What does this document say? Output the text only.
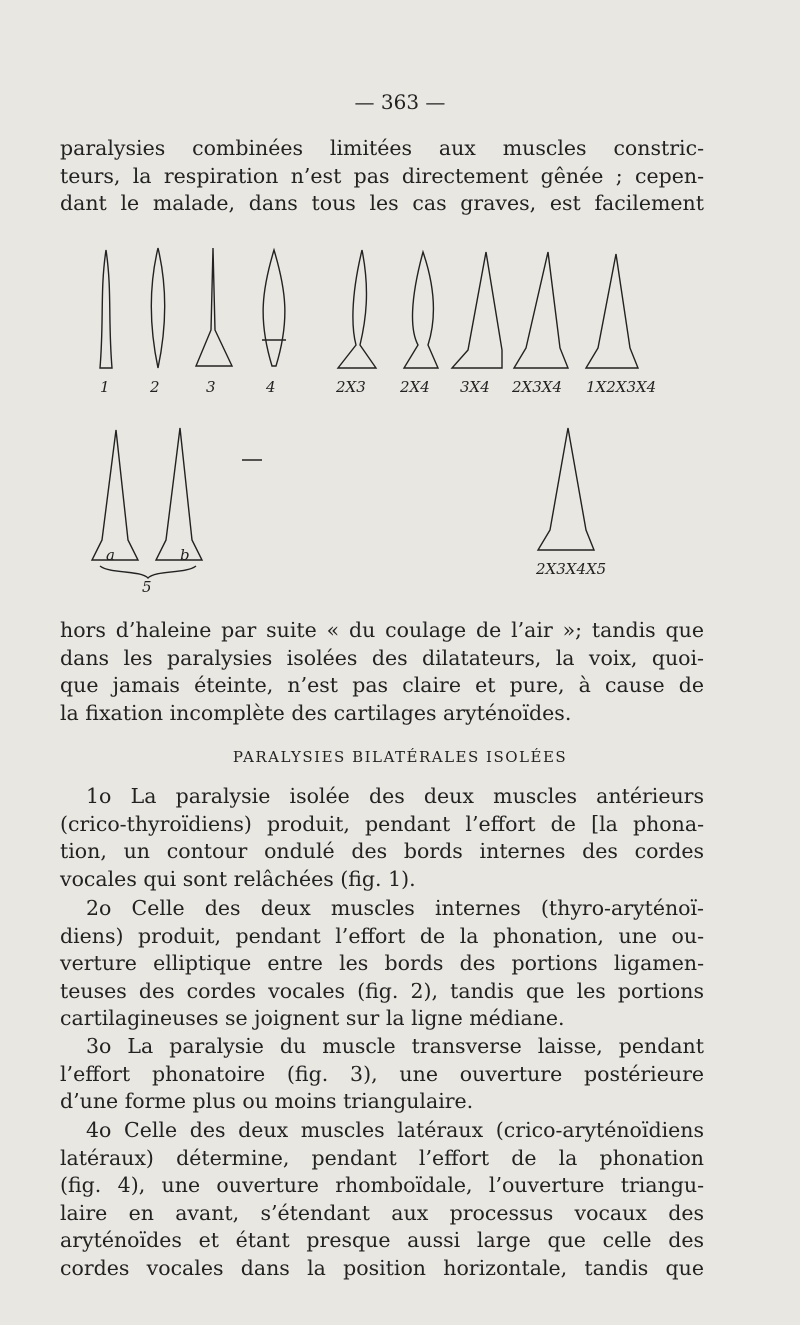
— 363 —

paralysies combinées limitées aux muscles constric-
teurs, la respiration n’est pas directement gênée ; cepen-
dant le malade, dans tous les cas graves, est facilement

1	2	3	4	2X3 2X4 3X4 2X3X4 1X2X3X4
a	b
5
2X3X4X5

hors d’haleine par suite « du coulage de l’air »; tandis que
dans les paralysies isolées des dilatateurs, la voix, quoi-
que jamais éteinte, n’est pas claire et pure, à cause de
la fixation incomplète des cartilages aryténoïdes.

PARALYSIES BILATÉRALES ISOLÉES

1o La paralysie isolée des deux muscles antérieurs
(crico-thyroïdiens) produit, pendant l’effort de [la phona-
tion, un contour ondulé des bords internes des cordes
vocales qui sont relâchées (fig. 1).

2o Celle des deux muscles internes (thyro-aryténoï-
diens) produit, pendant l’effort de la phonation, une ou-
verture elliptique entre les bords des portions ligamen-
teuses des cordes vocales (fig. 2), tandis que les portions
cartilagineuses se joignent sur la ligne médiane.

3o La paralysie du muscle transverse laisse, pendant
l’effort phonatoire (fig. 3), une ouverture postérieure
d’une forme plus ou moins triangulaire.

4o Celle des deux muscles latéraux (crico-aryténoïdiens
latéraux) détermine, pendant l’effort de la phonation
(fig. 4), une ouverture rhomboïdale, l’ouverture triangu-
laire en avant, s’étendant aux processus vocaux des
aryténoïdes et étant presque aussi large que celle des
cordes vocales dans la position horizontale, tandis que
